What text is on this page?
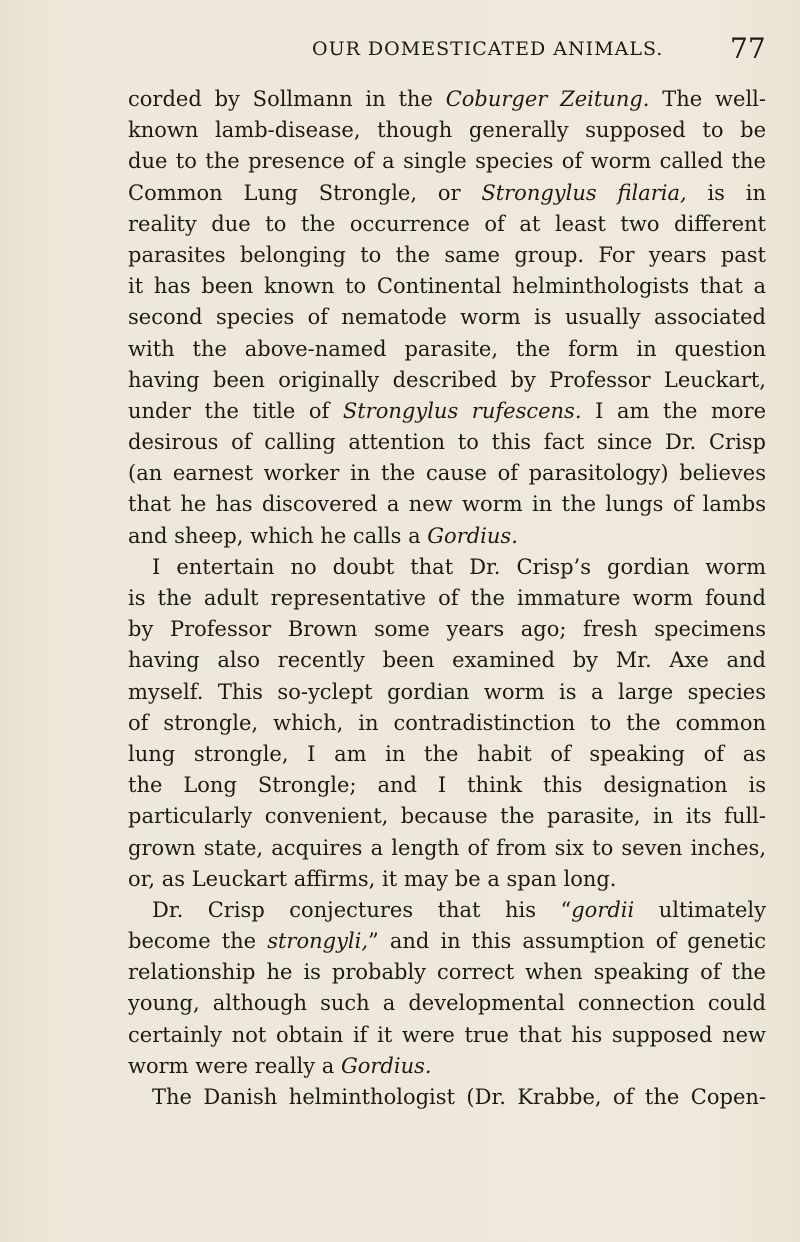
OUR DOMESTICATED ANIMALS. 77
corded by Sollmann in the Coburger Zeitung. The well-
known lamb-disease, though generally supposed to be
due to the presence of a single species of worm called the
Common Lung Strongle, or Strongylus filaria, is in
reality due to the occurrence of at least two different
parasites belonging to the same group. For years past
it has been known to Continental helminthologists that a
second species of nematode worm is usually associated
with the above-named parasite, the form in question
having been originally described by Professor Leuckart,
under the title of Strongylus rufescens. I am the more
desirous of calling attention to this fact since Dr. Crisp
(an earnest worker in the cause of parasitology) believes
that he has discovered a new worm in the lungs of lambs
and sheep, which he calls a Gordius.
I entertain no doubt that Dr. Crisp’s gordian worm
is the adult representative of the immature worm found
by Professor Brown some years ago; fresh specimens
having also recently been examined by Mr. Axe and
myself. This so-yclept gordian worm is a large species
of strongle, which, in contradistinction to the common
lung strongle, I am in the habit of speaking of as
the Long Strongle; and I think this designation is
particularly convenient, because the parasite, in its full-
grown state, acquires a length of from six to seven inches,
or, as Leuckart affirms, it may be a span long.
Dr. Crisp conjectures that his “gordii ultimately
become the strongyli,” and in this assumption of genetic
relationship he is probably correct when speaking of the
young, although such a developmental connection could
certainly not obtain if it were true that his supposed new
worm were really a Gordius.
The Danish helminthologist (Dr. Krabbe, of the Copen-
